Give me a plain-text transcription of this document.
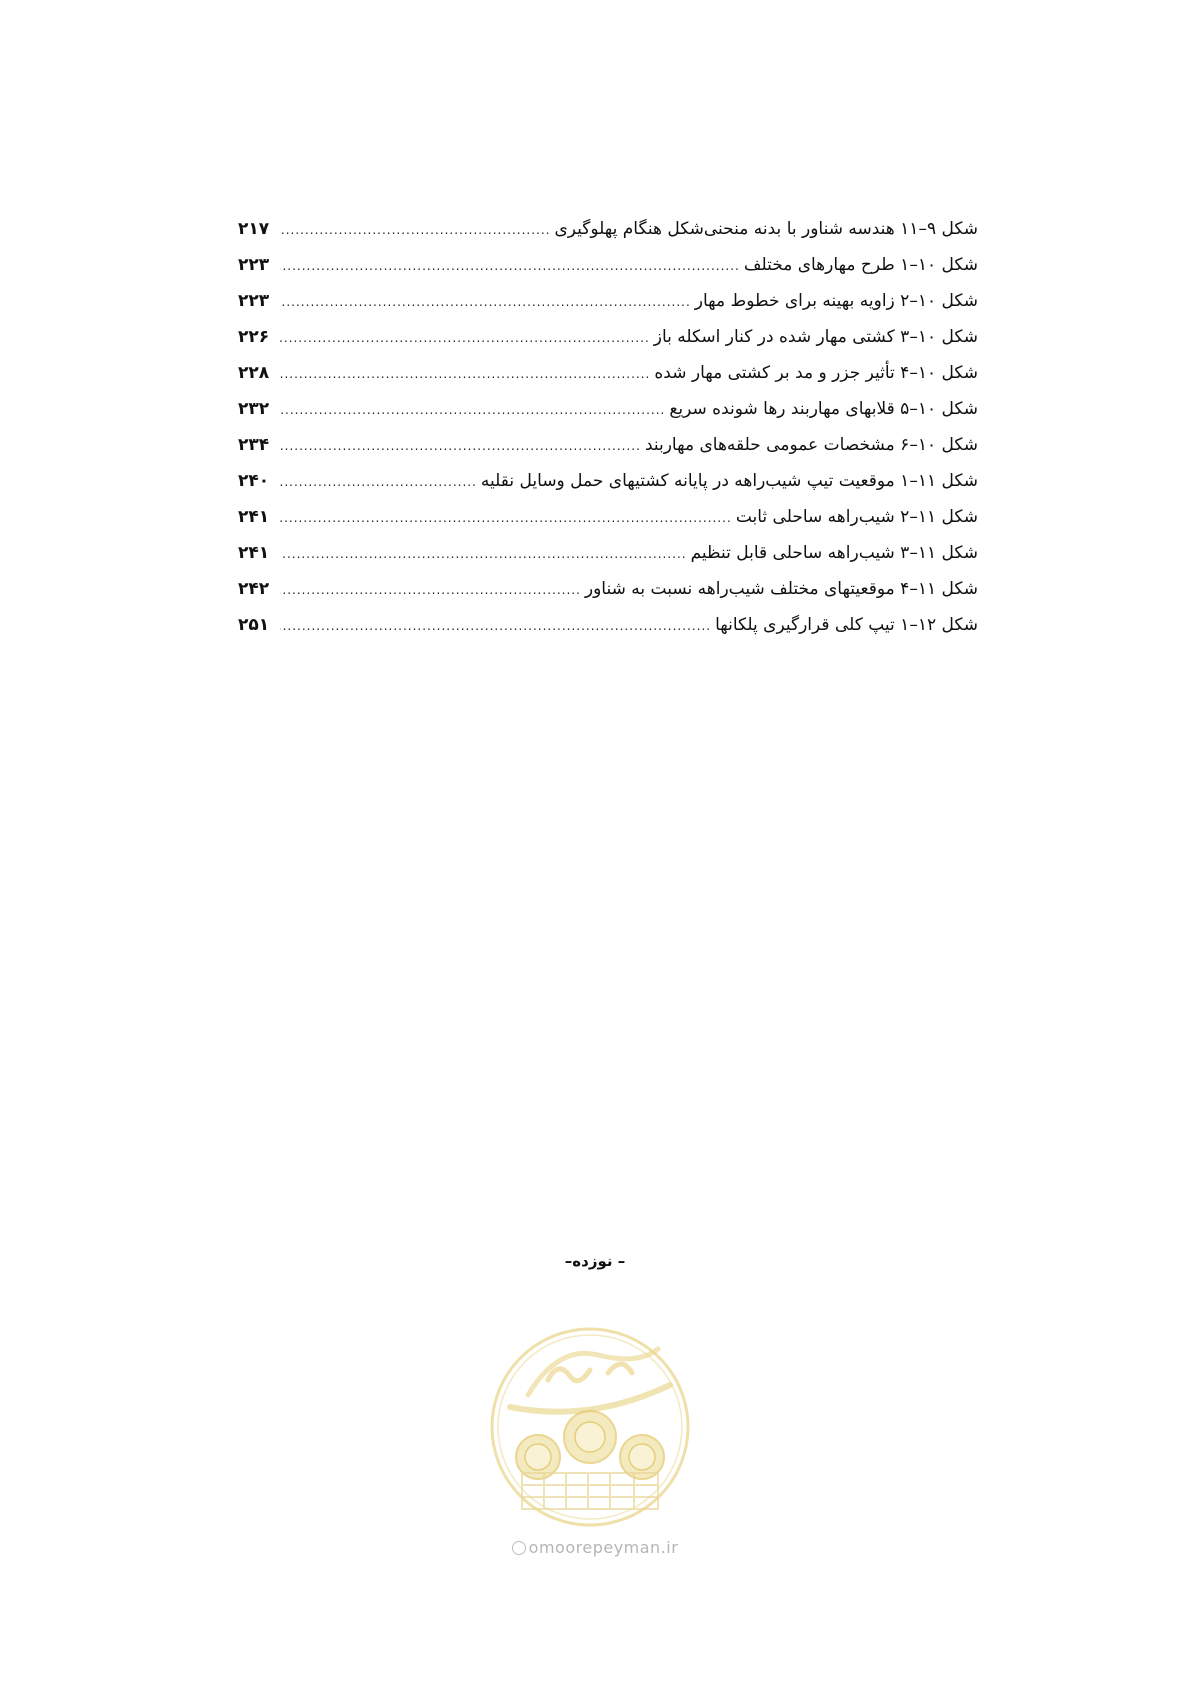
شکل ۹–۱۱ هندسه شناور با بدنه منحنی‌شکل هنگام پهلوگیری
.....
۲۱۷
شکل ۱۰–۱ طرح مهارهای مختلف
.....
۲۲۳
شکل ۱۰–۲ زاویه بهینه برای خطوط مهار
.....
۲۲۳
شکل ۱۰–۳ کشتی مهار شده در کنار اسکله باز
.....
۲۲۶
شکل ۱۰–۴ تأثیر جزر و مد بر کشتی مهار شده
.....
۲۲۸
شکل ۱۰–۵ قلابهای مهاربند رها شونده سریع
.....
۲۳۲
شکل ۱۰–۶ مشخصات عمومی حلقه‌های مهاربند
.....
۲۳۴
شکل ۱۱–۱ موقعیت تیپ شیب‌راهه در پایانه کشتیهای حمل وسایل نقلیه
.....
۲۴۰
شکل ۱۱–۲ شیب‌راهه ساحلی ثابت
.....
۲۴۱
شکل ۱۱–۳ شیب‌راهه ساحلی قابل تنظیم
.....
۲۴۱
شکل ۱۱–۴ موقعیتهای مختلف شیب‌راهه نسبت به شناور
.....
۲۴۲
شکل ۱۲–۱ تیپ کلی قرارگیری پلکانها
.....
۲۵۱
– نوزده–
omoorepeyman.ir
